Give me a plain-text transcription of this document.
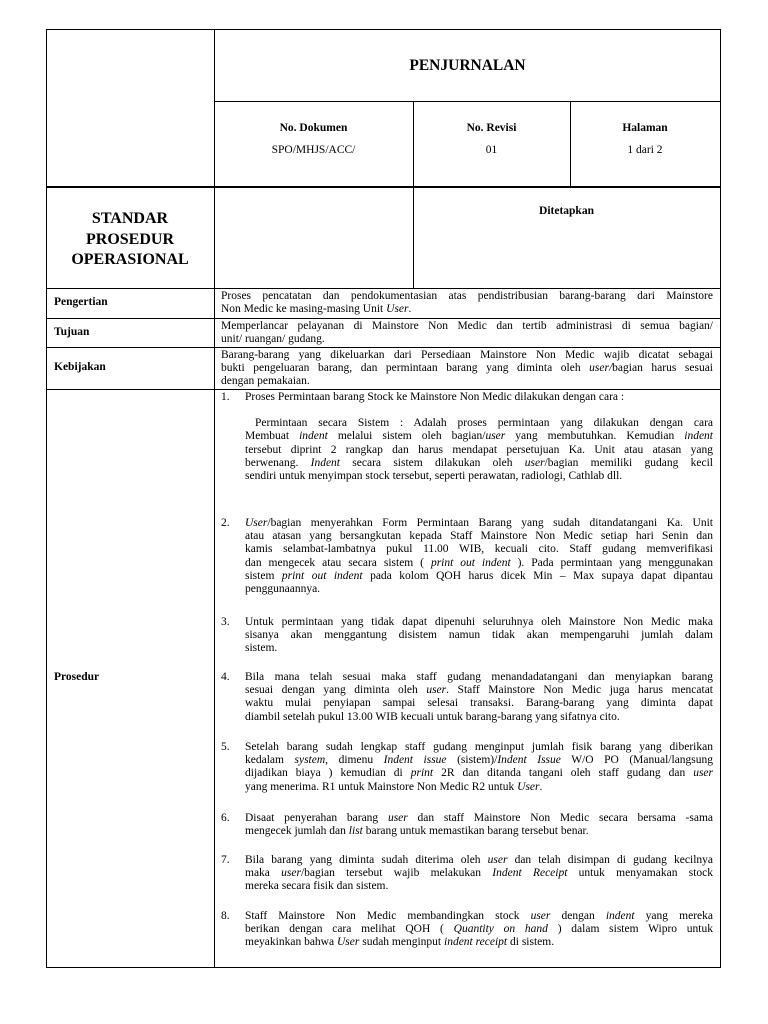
PENJURNALAN
No. Dokumen
SPO/MHJS/ACC/
No. Revisi
01
Halaman
1 dari 2
STANDAR
PROSEDUR
OPERASIONAL
Ditetapkan
Pengertian
Tujuan
Kebijakan
Prosedur
Proses pencatatan dan pendokumentasian atas pendistribusian barang-barang dari Mainstore
Non Medic ke masing-masing Unit User.
Memperlancar pelayanan di Mainstore Non Medic dan tertib administrasi di semua bagian/
unit/ ruangan/ gudang.
Barang-barang yang dikeluarkan dari Persediaan Mainstore Non Medic wajib dicatat sebagai
bukti pengeluaran barang, dan permintaan barang yang diminta oleh user/bagian harus sesuai
dengan pemakaian.
1. Proses Permintaan barang Stock ke Mainstore Non Medic dilakukan dengan cara :
Permintaan secara Sistem : Adalah proses permintaan yang dilakukan dengan cara
Membuat indent melalui sistem oleh bagian/user yang membutuhkan. Kemudian indent
tersebut diprint 2 rangkap dan harus mendapat persetujuan Ka. Unit atau atasan yang
berwenang. Indent secara sistem dilakukan oleh user/bagian memiliki gudang kecil
sendiri untuk menyimpan stock tersebut, seperti perawatan, radiologi, Cathlab dll.
2. User/bagian menyerahkan Form Permintaan Barang yang sudah ditandatangani Ka. Unit
atau atasan yang bersangkutan kepada Staff Mainstore Non Medic setiap hari Senin dan
kamis selambat-lambatnya pukul 11.00 WIB, kecuali cito. Staff gudang memverifikasi
dan mengecek atau secara sistem ( print out indent ). Pada permintaan yang menggunakan
sistem print out indent pada kolom QOH harus dicek Min – Max supaya dapat dipantau
penggunaannya.
3. Untuk permintaan yang tidak dapat dipenuhi seluruhnya oleh Mainstore Non Medic maka
sisanya akan menggantung disistem namun tidak akan mempengaruhi jumlah dalam
sistem.
4. Bila mana telah sesuai maka staff gudang menandadatangani dan menyiapkan barang
sesuai dengan yang diminta oleh user. Staff Mainstore Non Medic juga harus mencatat
waktu mulai penyiapan sampai selesai transaksi. Barang-barang yang diminta dapat
diambil setelah pukul 13.00 WIB kecuali untuk barang-barang yang sifatnya cito.
5. Setelah barang sudah lengkap staff gudang menginput jumlah fisik barang yang diberikan
kedalam system, dimenu Indent issue (sistem)/Indent Issue W/O PO (Manual/langsung
dijadikan biaya ) kemudian di print 2R dan ditanda tangani oleh staff gudang dan user
yang menerima. R1 untuk Mainstore Non Medic R2 untuk User.
6. Disaat penyerahan barang user dan staff Mainstore Non Medic secara bersama -sama
mengecek jumlah dan list barang untuk memastikan barang tersebut benar.
7. Bila barang yang diminta sudah diterima oleh user dan telah disimpan di gudang kecilnya
maka user/bagian tersebut wajib melakukan Indent Receipt untuk menyamakan stock
mereka secara fisik dan sistem.
8. Staff Mainstore Non Medic membandingkan stock user dengan indent yang mereka
berikan dengan cara melihat QOH ( Quantity on hand ) dalam sistem Wipro untuk
meyakinkan bahwa User sudah menginput indent receipt di sistem.
